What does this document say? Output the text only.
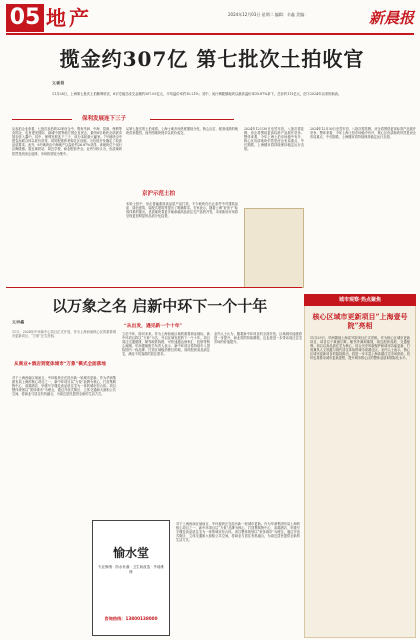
05 地产	2024年12月03日 星期二 编辑：辛鑫 美编：	新晨报
揽金约307亿 第七批次土拍收官
文/新晨
11月28日，上海第七批次土拍顺利收官，6宗宅地总成交金额约307.03亿元，平均溢价率约10.21%；其中，闵行梅陇镇地块以最高溢价率39.87%拿下，总价约111亿元，创下2024年以来的新高。
保利发展连下三子
从参拍企业来看，七批次参拍的32家房企中，既有华润、中海、招商、保利等央国企，也有建发国际、绿城中国等地方国企及民企，最终6宗地块全部被央国企收入囊中。其中，保利发展连下三子，成为本轮最大赢家。7号地块由中建壹品联合体以底价竞得，同时配建养老和社区设施，为后续开发确定了较高品质要求。此外，6号地块由中海地产以溢价约26.87%竞得，该地块位于闵行区梅陇镇，靠近地铁站，周边学校、商业配套齐全。业内分析认为，优质地块依然受到房企追捧，市场热度较为集中。
京沪示范土拍
从第七批次的土拍来看，上海土地市场热度继续分化，核心区位、配套成熟的地块竞争激烈，而外围地块则多以底价成交。
本轮土拍中，房企普遍重视高品质产品打造，不少地块在出让条件中对建筑品质、绿色建筑、装配式建筑等提出了明确要求。专家表示，随着上海“好房子”标准体系的推出，优质地块将更多地承载高品质住宅产品的开发，未来新房市场将呈现更加明显的品质分化趋势。
2024年12月30日至翌年初，八批次将挂牌，房企将围绕更高标准产品展开竞争。整体来看，今年上海土拍市场稳中有升，核心区优质地块仍然是房企布局重点，中长期看，上海楼市将持续保持稳定运行态势。
2024年12月30日至翌年初，八批次将挂牌，房企将围绕更高标准产品展开竞争。整体来看，今年上海土拍市场稳中有升，核心区优质地块仍然是房企布局重点，中长期看，上海楼市将持续保持稳定运行态势。
以万象之名 启新中环下一个十年
文/孙鑫
11月，2024年中环新中心项目正式开放，作为上海西南核心区的重要城市更新项目，“万象”正式亮相。
从商业+酒店到宽体城市“万象”模式全面落地
对于上海西南区域而言，中环板块正在经历新一轮城市更新。作为华润集团布局上海的核心项目之一，新中环项目以“万象”品牌为核心，打造集购物中心、高端酒店、甲级写字楼及高品质住宅为一体的城市综合体。项目整体规划以“宽体城市”为理念，通过开放式街区、立体交通和大面积公共空间，将商业与居住有机融合，为周边居民提供全新的生活方式。
“从出发，遇见新一个十年”
立足中环，面向未来。作为上海西南区域的重要商业地标，新中环项目将以“万象”为名，开启区域发展的下一个十年。项目周边交通便捷，紧邻地铁线路，可快速通达徐家汇、虹桥等核心商圈。华润置地相关负责人表示，新中环项目将持续引入国际国内一线品牌，打造区域级消费目的地，同时配套高品质住宅，满足不同客群的居住需求。
业内人士认为，随着新中环项目的全面开放，区域城市能级将进一步提升，商业氛围持续增强，这也将进一步带动周边住宅市场的价值提升。
愉水堂
专业修缮 · 防水补漏 · 卫生间改造 · 外墙维修
咨询热线：13800138000
对于上海西南区域而言，中环板块正在经历新一轮城市更新。作为华润集团布局上海的核心项目之一，新中环项目以“万象”品牌为核心，打造集购物中心、高端酒店、甲级写字楼及高品质住宅为一体的城市综合体。项目整体规划以“宽体城市”为理念，通过开放式街区、立体交通和大面积公共空间，将商业与居住有机融合，为周边居民提供全新的生活方式。
城市观察·热点聚焦
核心区域市更新项目“上海壹号院”亮相
11月29日，华润置地上海壹号院项目正式亮相。作为核心区城市更新项目，项目位于黄浦江畔，毗邻外滩和豫园，周边配套成熟、交通便利。项目以高品质住宅为核心，结合历史风貌保护和城市功能更新，打造兼具人文底蕴与现代居住体验的城市高端住区。业内人士表示，核心区城市更新项目的陆续推出，将进一步丰富上海高端住宅市场供给，同时也将推动城市更新进程，提升城市核心区的整体品质和国际化水平。
